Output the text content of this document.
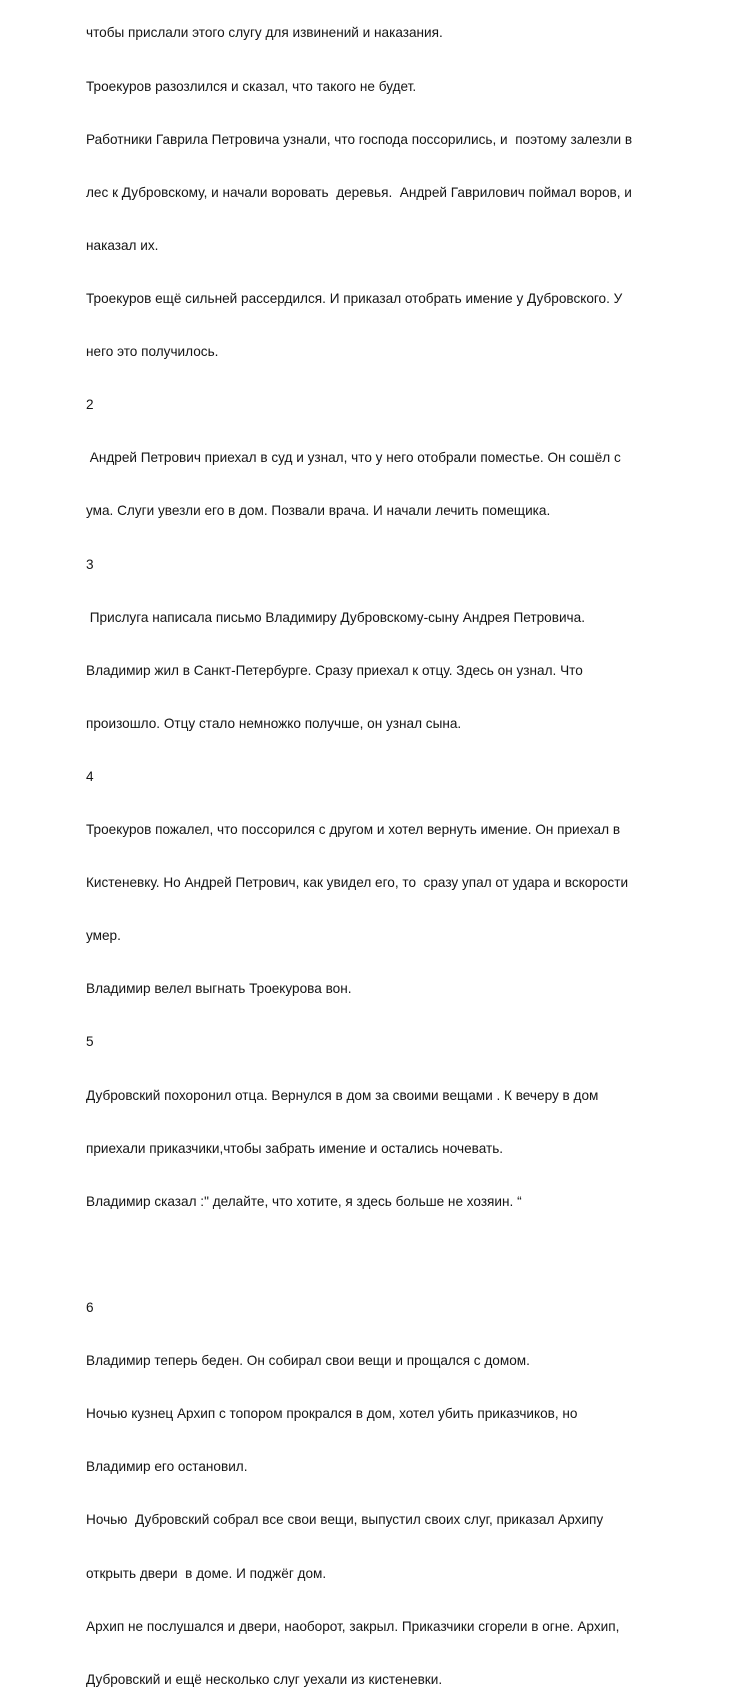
чтобы прислали этого слугу для извинений и наказания.

Троекуров разозлился и сказал, что такого не будет.

Работники Гаврила Петровича узнали, что господа поссорились, и  поэтому залезли в

лес к Дубровскому, и начали воровать  деревья.  Андрей Гаврилович поймал воров, и

наказал их.

Троекуров ещё сильней рассердился. И приказал отобрать имение у Дубровского. У

него это получилось.

2

Андрей Петрович приехал в суд и узнал, что у него отобрали поместье. Он сошёл с

ума. Слуги увезли его в дом. Позвали врача. И начали лечить помещика.

3

Прислуга написала письмо Владимиру Дубровскому-сыну Андрея Петровича.

Владимир жил в Санкт-Петербурге. Сразу приехал к отцу. Здесь он узнал. Что

произошло. Отцу стало немножко получше, он узнал сына.

4

Троекуров пожалел, что поссорился с другом и хотел вернуть имение. Он приехал в

Кистеневку. Но Андрей Петрович, как увидел его, то  сразу упал от удара и вскорости

умер.

Владимир велел выгнать Троекурова вон.

5

Дубровский похоронил отца. Вернулся в дом за своими вещами . К вечеру в дом

приехали приказчики,чтобы забрать имение и остались ночевать.

Владимир сказал :" делайте, что хотите, я здесь больше не хозяин. “

6

Владимир теперь беден. Он собирал свои вещи и прощался с домом.

Ночью кузнец Архип с топором прокрался в дом, хотел убить приказчиков, но

Владимир его остановил.

Ночью  Дубровский собрал все свои вещи, выпустил своих слуг, приказал Архипу

открыть двери  в доме. И поджёг дом.

Архип не послушался и двери, наоборот, закрыл. Приказчики сгорели в огне. Архип,

Дубровский и ещё несколько слуг уехали из кистеневки.
